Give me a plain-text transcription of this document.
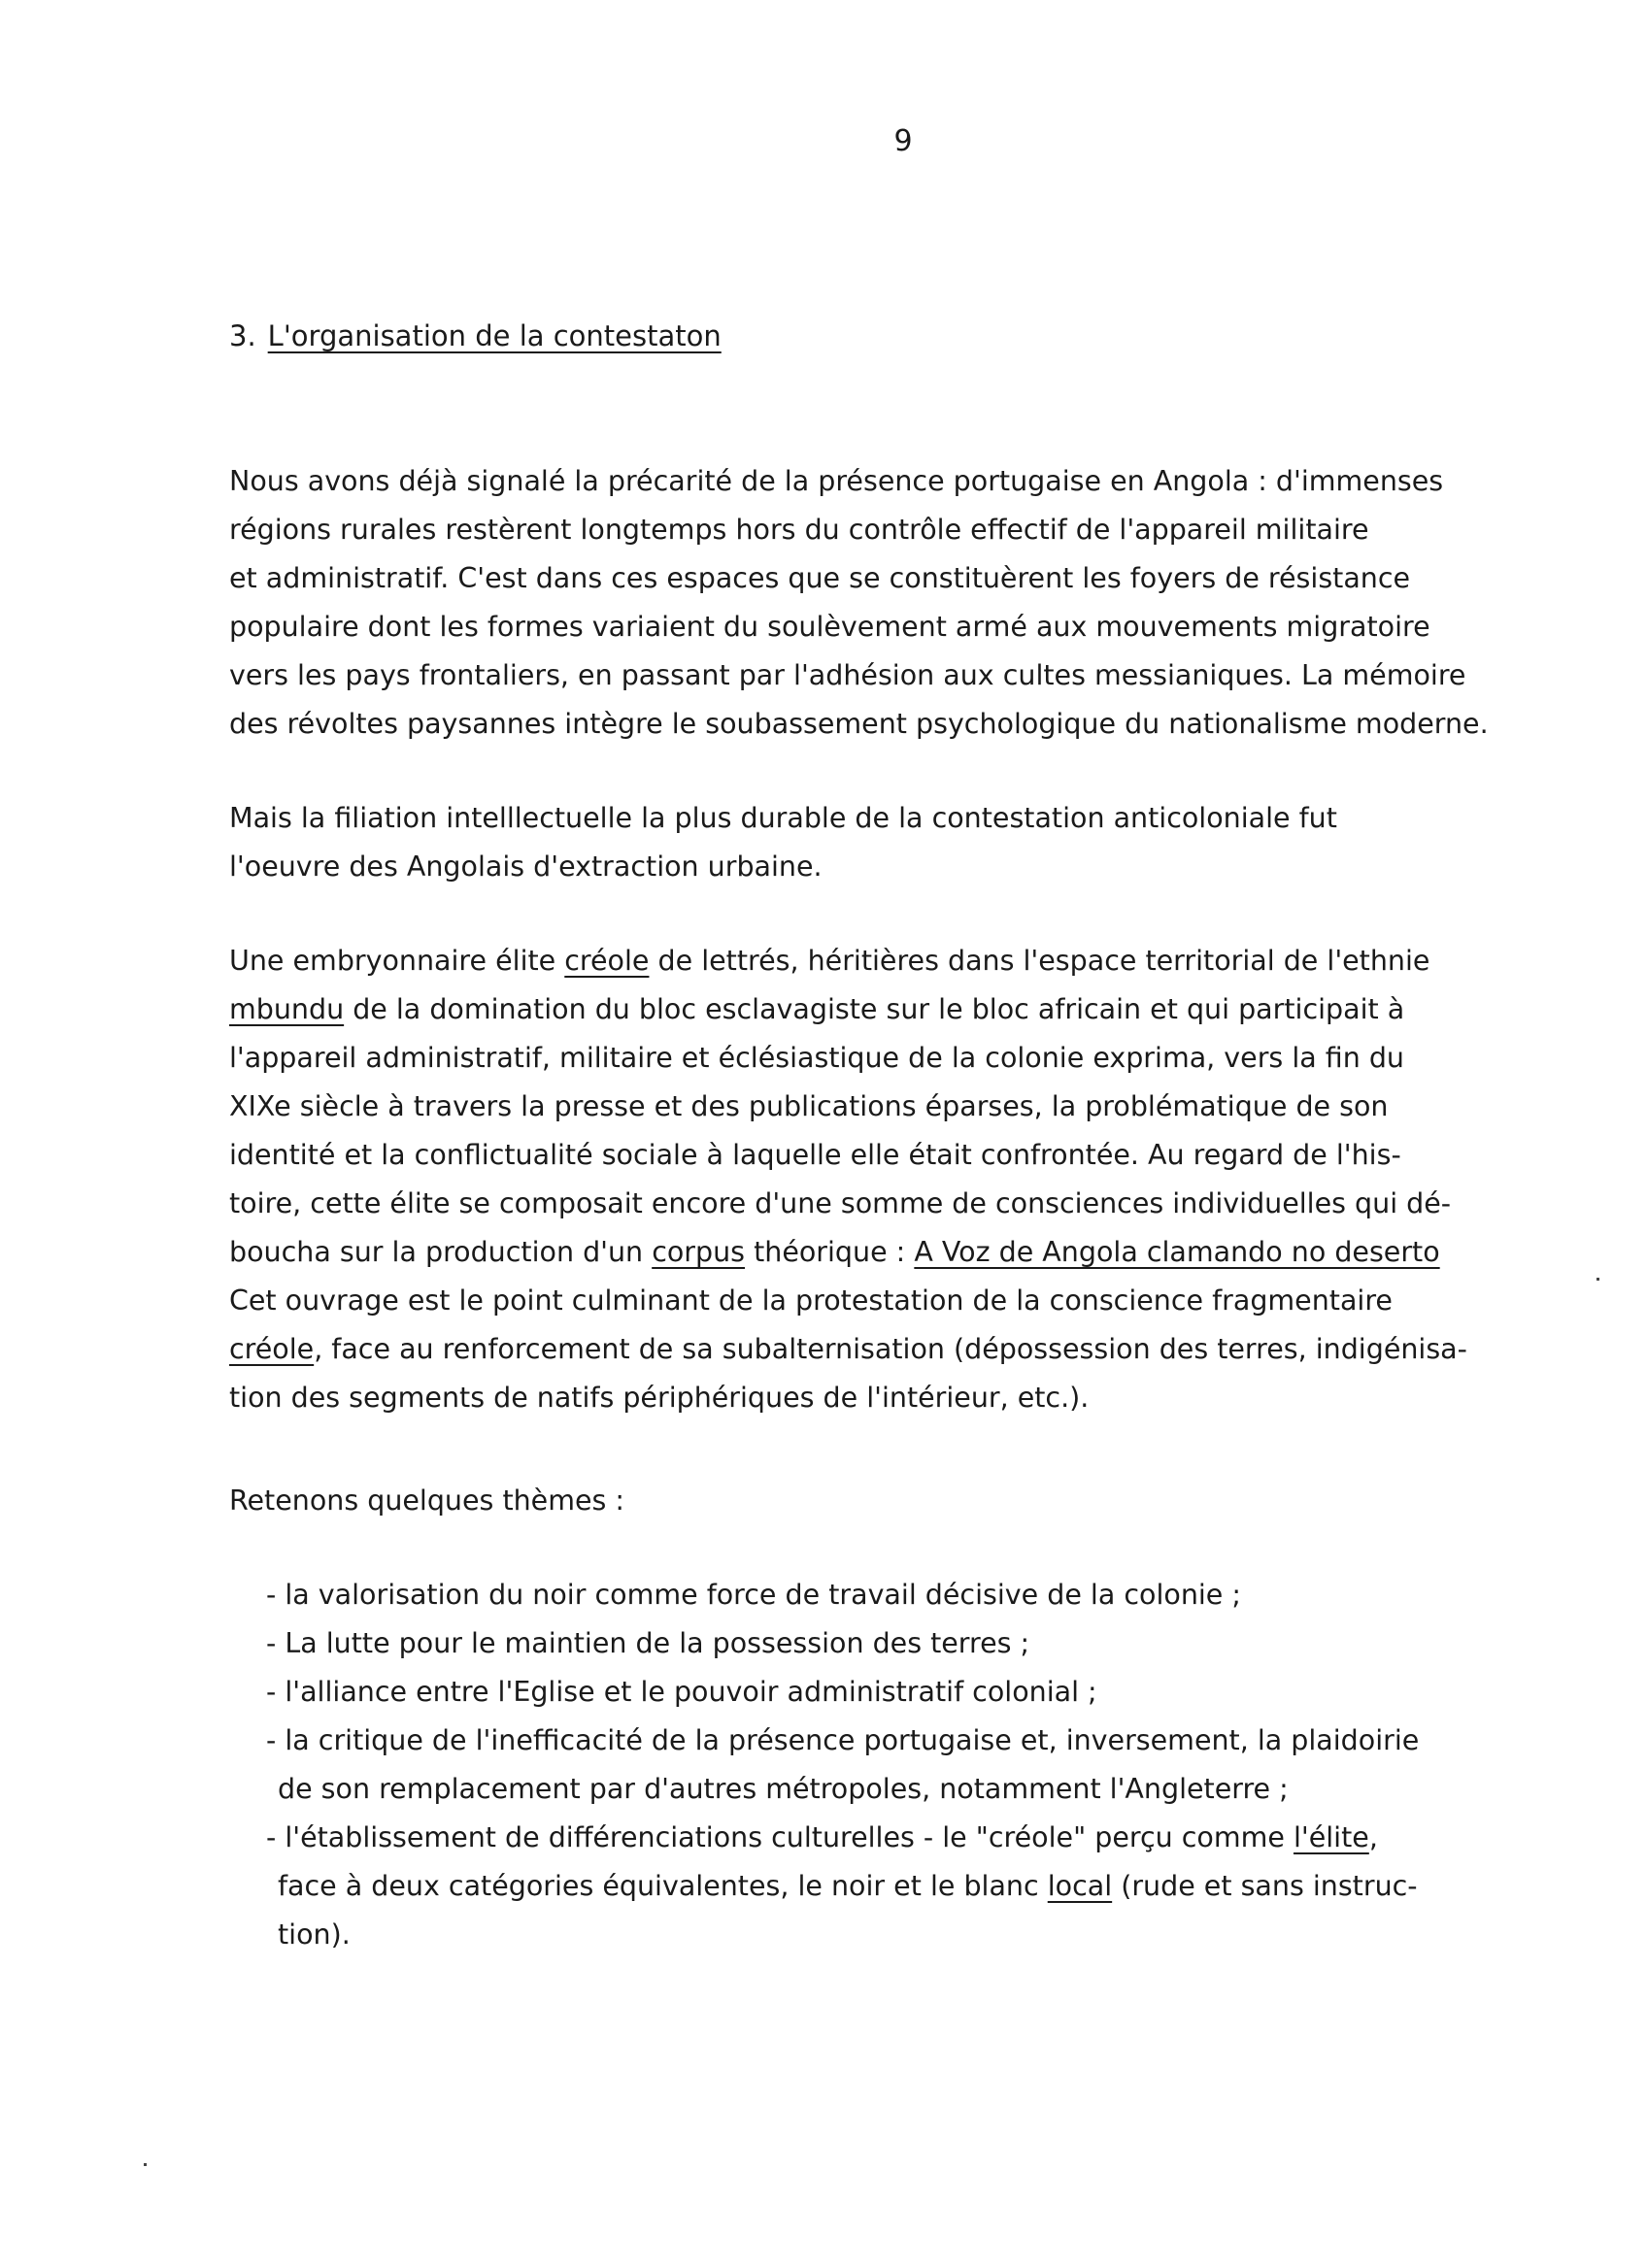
9
3. L'organisation de la contestaton
Nous avons déjà signalé la précarité de la présence portugaise en Angola : d'immenses
régions rurales restèrent longtemps hors du contrôle effectif de l'appareil militaire
et administratif. C'est dans ces espaces que se constituèrent les foyers de résistance
populaire dont les formes variaient du soulèvement armé aux mouvements migratoire
vers les pays frontaliers, en passant par l'adhésion aux cultes messianiques. La mémoire
des révoltes paysannes intègre le soubassement psychologique du nationalisme moderne.
Mais la filiation intelllectuelle la plus durable de la contestation anticoloniale fut
l'oeuvre des Angolais d'extraction urbaine.
Une embryonnaire élite créole de lettrés, héritières dans l'espace territorial de l'ethnie
mbundu de la domination du bloc esclavagiste sur le bloc africain et qui participait à
l'appareil administratif, militaire et éclésiastique de la colonie exprima, vers la fin du
XIXe siècle à travers la presse et des publications éparses, la problématique de son
identité et la conflictualité sociale à laquelle elle était confrontée. Au regard de l'his-
toire, cette élite se composait encore d'une somme de consciences individuelles qui dé-
boucha sur la production d'un corpus théorique : A Voz de Angola clamando no deserto
Cet ouvrage est le point culminant de la protestation de la conscience fragmentaire
créole, face au renforcement de sa subalternisation (dépossession des terres, indigénisa-
tion des segments de natifs périphériques de l'intérieur, etc.).
Retenons quelques thèmes :
- la valorisation du noir comme force de travail décisive de la colonie ;
- La lutte pour le maintien de la possession des terres ;
- l'alliance entre l'Eglise et le pouvoir administratif colonial ;
- la critique de l'inefficacité de la présence portugaise et, inversement, la plaidoirie
de son remplacement par d'autres métropoles, notamment l'Angleterre ;
- l'établissement de différenciations culturelles - le "créole" perçu comme l'élite,
face à deux catégories équivalentes, le noir et le blanc local (rude et sans instruc-
tion).
